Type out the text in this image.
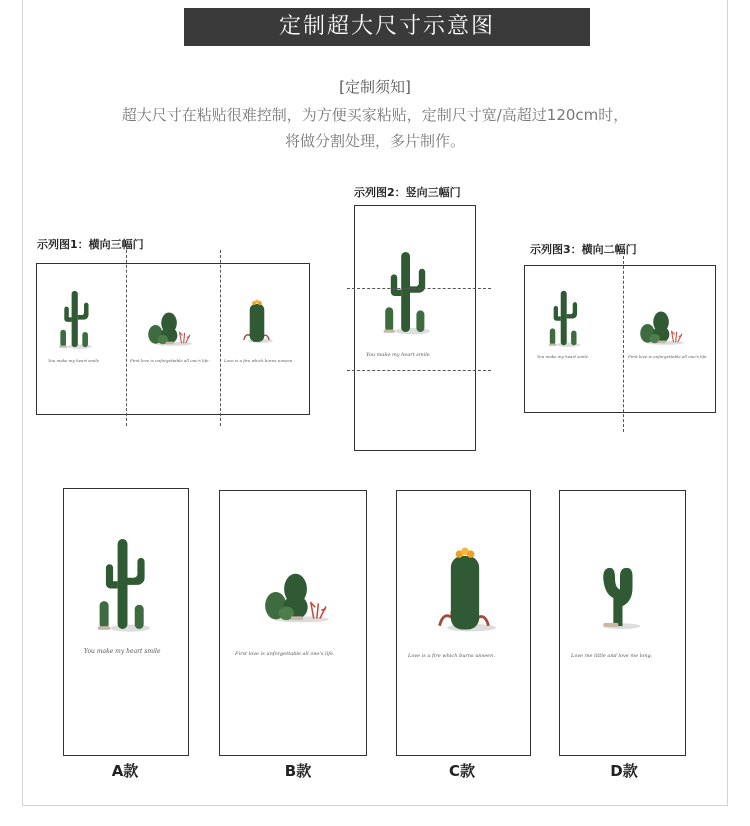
定制超大尺寸示意图
[定制须知]
超大尺寸在粘贴很难控制，为方便买家粘贴，定制尺寸宽/高超过120cm时，
将做分割处理，多片制作。
示列图1：横向三幅门
You make my heart smile	First love is unforgettable all one's life.	Love is a fire which burns unseen.
示列图2：竖向三幅门
You make my heart smile
示列图3：横向二幅门
You make my heart smile	First love is unforgettable all one's life.
You make my heart smile
A款
First love is unforgettable all one's life.
B款
Love is a fire which burns unseen.
C款
Love me little and love me long.
D款
